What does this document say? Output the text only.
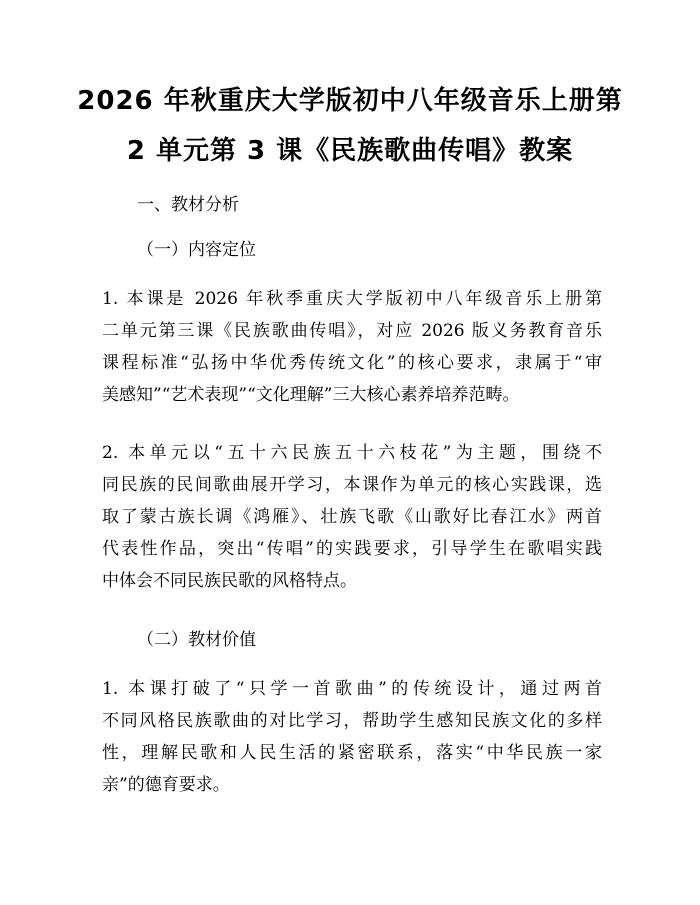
2026 年秋重庆大学版初中八年级音乐上册第
2 单元第 3 课《民族歌曲传唱》教案
一、教材分析
（一）内容定位
1. 本课是 2026 年秋季重庆大学版初中八年级音乐上册第
二单元第三课《民族歌曲传唱》，对应 2026 版义务教育音乐
课程标准“弘扬中华优秀传统文化”的核心要求，隶属于“审
美感知”“艺术表现”“文化理解”三大核心素养培养范畴。
2. 本单元以“五十六民族五十六枝花”为主题，围绕不
同民族的民间歌曲展开学习，本课作为单元的核心实践课，选
取了蒙古族长调《鸿雁》、壮族飞歌《山歌好比春江水》两首
代表性作品，突出“传唱”的实践要求，引导学生在歌唱实践
中体会不同民族民歌的风格特点。
（二）教材价值
1. 本课打破了“只学一首歌曲”的传统设计，通过两首
不同风格民族歌曲的对比学习，帮助学生感知民族文化的多样
性，理解民歌和人民生活的紧密联系，落实“中华民族一家
亲”的德育要求。
